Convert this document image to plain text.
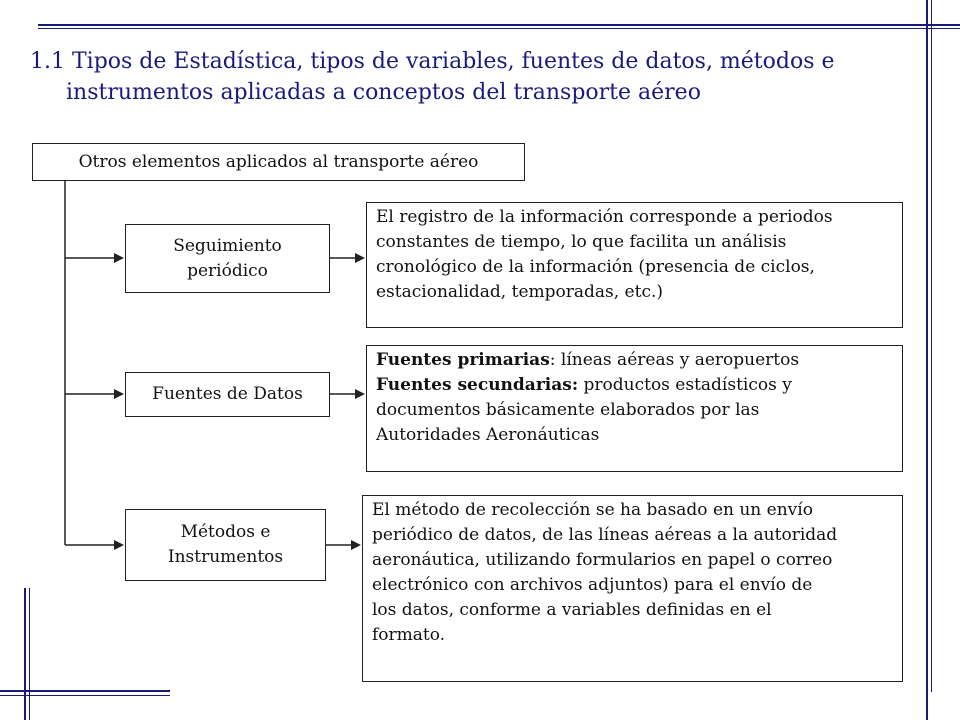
1.1 Tipos de Estadística, tipos de variables, fuentes de datos, métodos e
instrumentos aplicadas a conceptos del transporte aéreo
Otros elementos aplicados al transporte aéreo
Seguimiento
periódico
Fuentes de Datos
Métodos e
Instrumentos
El registro de la información corresponde a periodos
constantes de tiempo, lo que facilita un análisis
cronológico de la información (presencia de ciclos,
estacionalidad, temporadas, etc.)
Fuentes primarias: líneas aéreas y aeropuertos
Fuentes secundarias: productos estadísticos y
documentos básicamente elaborados por las
Autoridades Aeronáuticas
El método de recolección se ha basado en un envío
periódico de datos, de las líneas aéreas a la autoridad
aeronáutica, utilizando formularios en papel o correo
electrónico con archivos adjuntos) para el envío de
los datos, conforme a variables definidas en el
formato.
